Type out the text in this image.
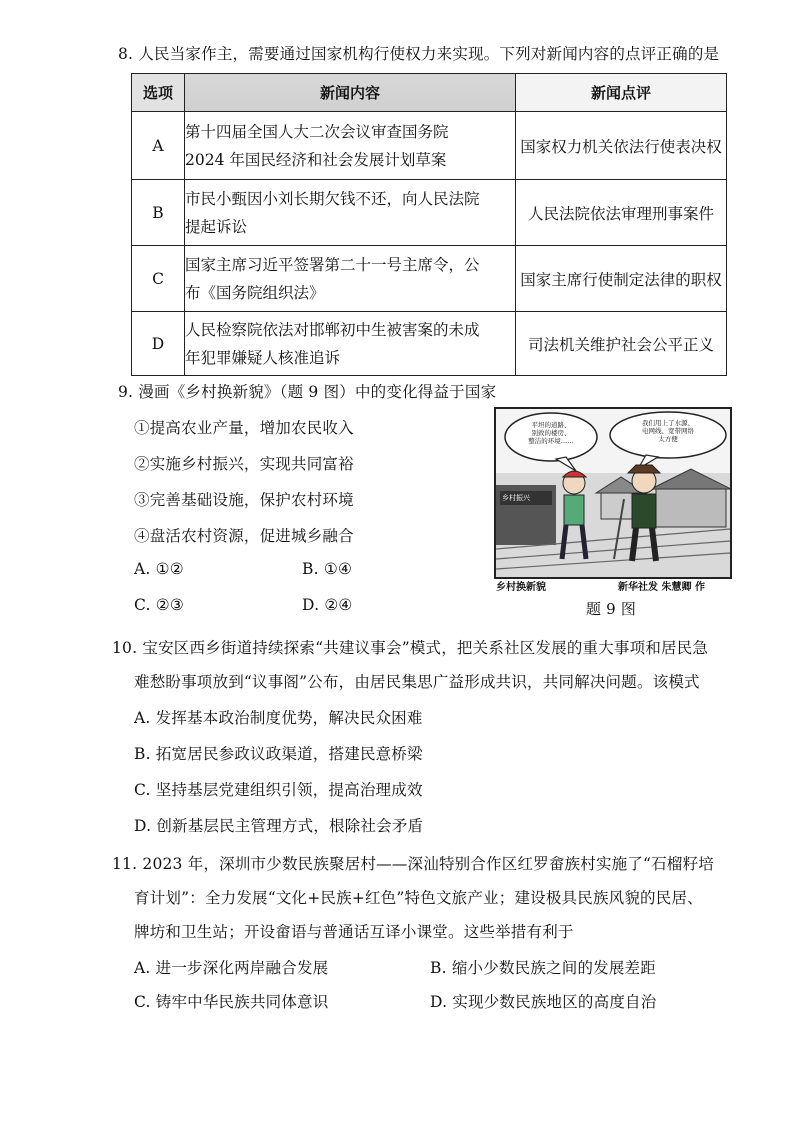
8. 人民当家作主，需要通过国家机构行使权力来实现。下列对新闻内容的点评正确的是
选项	新闻内容	新闻点评
A	第十四届全国人大二次会议审查国务院
2024 年国民经济和社会发展计划草案	国家权力机关依法行使表决权
B	市民小甄因小刘长期欠钱不还，向人民法院
提起诉讼	人民法院依法审理刑事案件
C	国家主席习近平签署第二十一号主席令，公
布《国务院组织法》	国家主席行使制定法律的职权
D	人民检察院依法对邯郸初中生被害案的未成
年犯罪嫌疑人核准追诉	司法机关维护社会公平正义
9. 漫画《乡村换新貌》（题 9 图）中的变化得益于国家
①提高农业产量，增加农民收入
②实施乡村振兴，实现共同富裕
③完善基础设施，保护农村环境
④盘活农村资源，促进城乡融合
A. ①②	B. ①④
C. ②③	D. ②④
平坦的道路、
别致的楼房、
整洁的环境……
我们用上了水源、
电网线、宽带网络
太方便
乡村振兴
乡村换新貌	新华社发 朱慧卿 作
题 9 图
10. 宝安区西乡街道持续探索“共建议事会”模式，把关系社区发展的重大事项和居民急
难愁盼事项放到“议事阁”公布，由居民集思广益形成共识，共同解决问题。该模式
A. 发挥基本政治制度优势，解决民众困难
B. 拓宽居民参政议政渠道，搭建民意桥梁
C. 坚持基层党建组织引领，提高治理成效
D. 创新基层民主管理方式，根除社会矛盾
11. 2023 年，深圳市少数民族聚居村——深汕特别合作区红罗畲族村实施了“石榴籽培
育计划”：全力发展“文化+民族+红色”特色文旅产业；建设极具民族风貌的民居、
牌坊和卫生站；开设畲语与普通话互译小课堂。这些举措有利于
A. 进一步深化两岸融合发展	B. 缩小少数民族之间的发展差距
C. 铸牢中华民族共同体意识	D. 实现少数民族地区的高度自治
